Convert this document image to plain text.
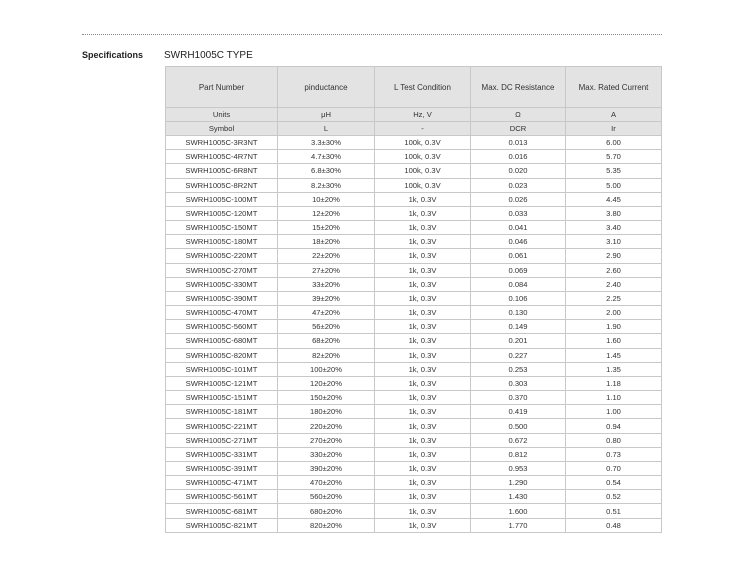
Specifications SWRH1005C TYPE
Part Number	pinductance	L Test Condition	Max. DC Resistance	Max. Rated Current
Units	μH	Hz, V	Ω	A
Symbol	L	-	DCR	Ir
SWRH1005C-3R3NT	3.3±30%	100k, 0.3V	0.013	6.00
SWRH1005C-4R7NT	4.7±30%	100k, 0.3V	0.016	5.70
SWRH1005C-6R8NT	6.8±30%	100k, 0.3V	0.020	5.35
SWRH1005C-8R2NT	8.2±30%	100k, 0.3V	0.023	5.00
SWRH1005C-100MT	10±20%	1k, 0.3V	0.026	4.45
SWRH1005C-120MT	12±20%	1k, 0.3V	0.033	3.80
SWRH1005C-150MT	15±20%	1k, 0.3V	0.041	3.40
SWRH1005C-180MT	18±20%	1k, 0.3V	0.046	3.10
SWRH1005C-220MT	22±20%	1k, 0.3V	0.061	2.90
SWRH1005C-270MT	27±20%	1k, 0.3V	0.069	2.60
SWRH1005C-330MT	33±20%	1k, 0.3V	0.084	2.40
SWRH1005C-390MT	39±20%	1k, 0.3V	0.106	2.25
SWRH1005C-470MT	47±20%	1k, 0.3V	0.130	2.00
SWRH1005C-560MT	56±20%	1k, 0.3V	0.149	1.90
SWRH1005C-680MT	68±20%	1k, 0.3V	0.201	1.60
SWRH1005C-820MT	82±20%	1k, 0.3V	0.227	1.45
SWRH1005C-101MT	100±20%	1k, 0.3V	0.253	1.35
SWRH1005C-121MT	120±20%	1k, 0.3V	0.303	1.18
SWRH1005C-151MT	150±20%	1k, 0.3V	0.370	1.10
SWRH1005C-181MT	180±20%	1k, 0.3V	0.419	1.00
SWRH1005C-221MT	220±20%	1k, 0.3V	0.500	0.94
SWRH1005C-271MT	270±20%	1k, 0.3V	0.672	0.80
SWRH1005C-331MT	330±20%	1k, 0.3V	0.812	0.73
SWRH1005C-391MT	390±20%	1k, 0.3V	0.953	0.70
SWRH1005C-471MT	470±20%	1k, 0.3V	1.290	0.54
SWRH1005C-561MT	560±20%	1k, 0.3V	1.430	0.52
SWRH1005C-681MT	680±20%	1k, 0.3V	1.600	0.51
SWRH1005C-821MT	820±20%	1k, 0.3V	1.770	0.48
